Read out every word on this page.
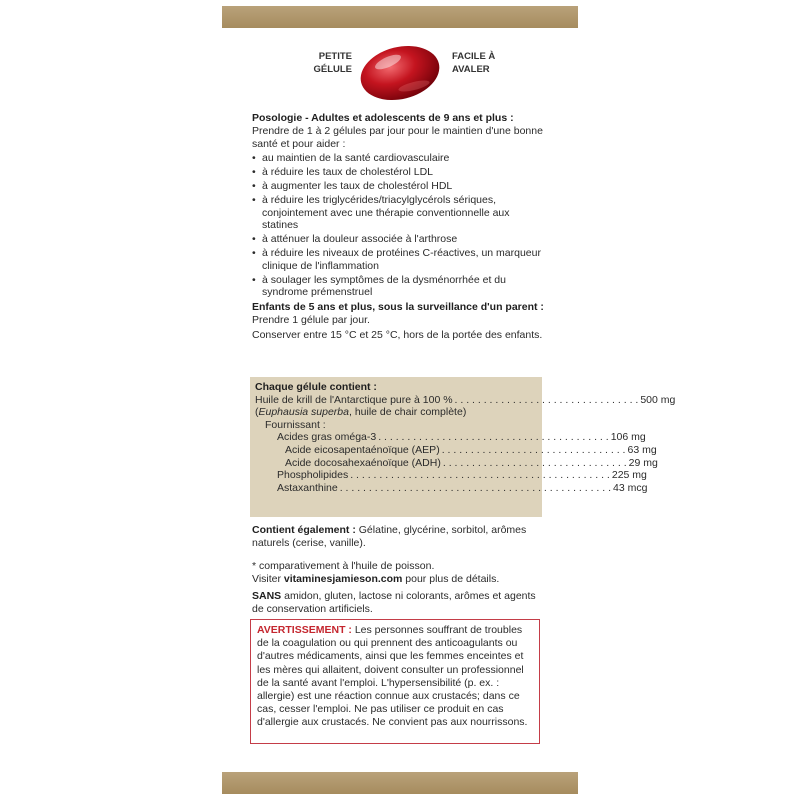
PETITE
GÉLULE
FACILE À
AVALER
Posologie - Adultes et adolescents de 9 ans et plus :
Prendre de 1 à 2 gélules par jour pour le maintien d'une bonne santé et pour aider :
• au maintien de la santé cardiovasculaire
• à réduire les taux de cholestérol LDL
• à augmenter les taux de cholestérol HDL
• à réduire les triglycérides/triacylglycérols sériques, conjointement avec une thérapie conventionnelle aux statines
• à atténuer la douleur associée à l'arthrose
• à réduire les niveaux de protéines C-réactives, un marqueur clinique de l'inflammation
• à soulager les symptômes de la dysménorrhée et du syndrome prémenstruel
Enfants de 5 ans et plus, sous la surveillance d'un parent : Prendre 1 gélule par jour.
Conserver entre 15 °C et 25 °C, hors de la portée des enfants.
Chaque gélule contient :
Huile de krill de l'Antarctique pure à 100 % . . . . . . . . . . . . . . . . . . . . . . . . . . . . . . . . 500 mg
(Euphausia superba, huile de chair complète)
Fournissant :
Acides gras oméga-3 . . . . . . . . . . . . . . . . . . . . . . . . . . . . . . . . . . . . . . . . 106 mg
Acide eicosapentaénoïque (AEP) . . . . . . . . . . . . . . . . . . . . . . . . . . . . . . . . 63 mg
Acide docosahexaénoïque (ADH) . . . . . . . . . . . . . . . . . . . . . . . . . . . . . . . . 29 mg
Phospholipides . . . . . . . . . . . . . . . . . . . . . . . . . . . . . . . . . . . . . . . . . . . . . 225 mg
Astaxanthine . . . . . . . . . . . . . . . . . . . . . . . . . . . . . . . . . . . . . . . . . . . . . . . 43 mcg
Contient également : Gélatine, glycérine, sorbitol, arômes naturels (cerise, vanille).
* comparativement à l'huile de poisson.
Visiter vitaminesjamieson.com pour plus de détails.
SANS amidon, gluten, lactose ni colorants, arômes et agents de conservation artificiels.
AVERTISSEMENT : Les personnes souffrant de troubles de la coagulation ou qui prennent des anticoagulants ou d'autres médicaments, ainsi que les femmes enceintes et les mères qui allaitent, doivent consulter un professionnel de la santé avant l'emploi. L'hypersensibilité (p. ex. : allergie) est une réaction connue aux crustacés; dans ce cas, cesser l'emploi. Ne pas utiliser ce produit en cas d'allergie aux crustacés. Ne convient pas aux nourrissons.
